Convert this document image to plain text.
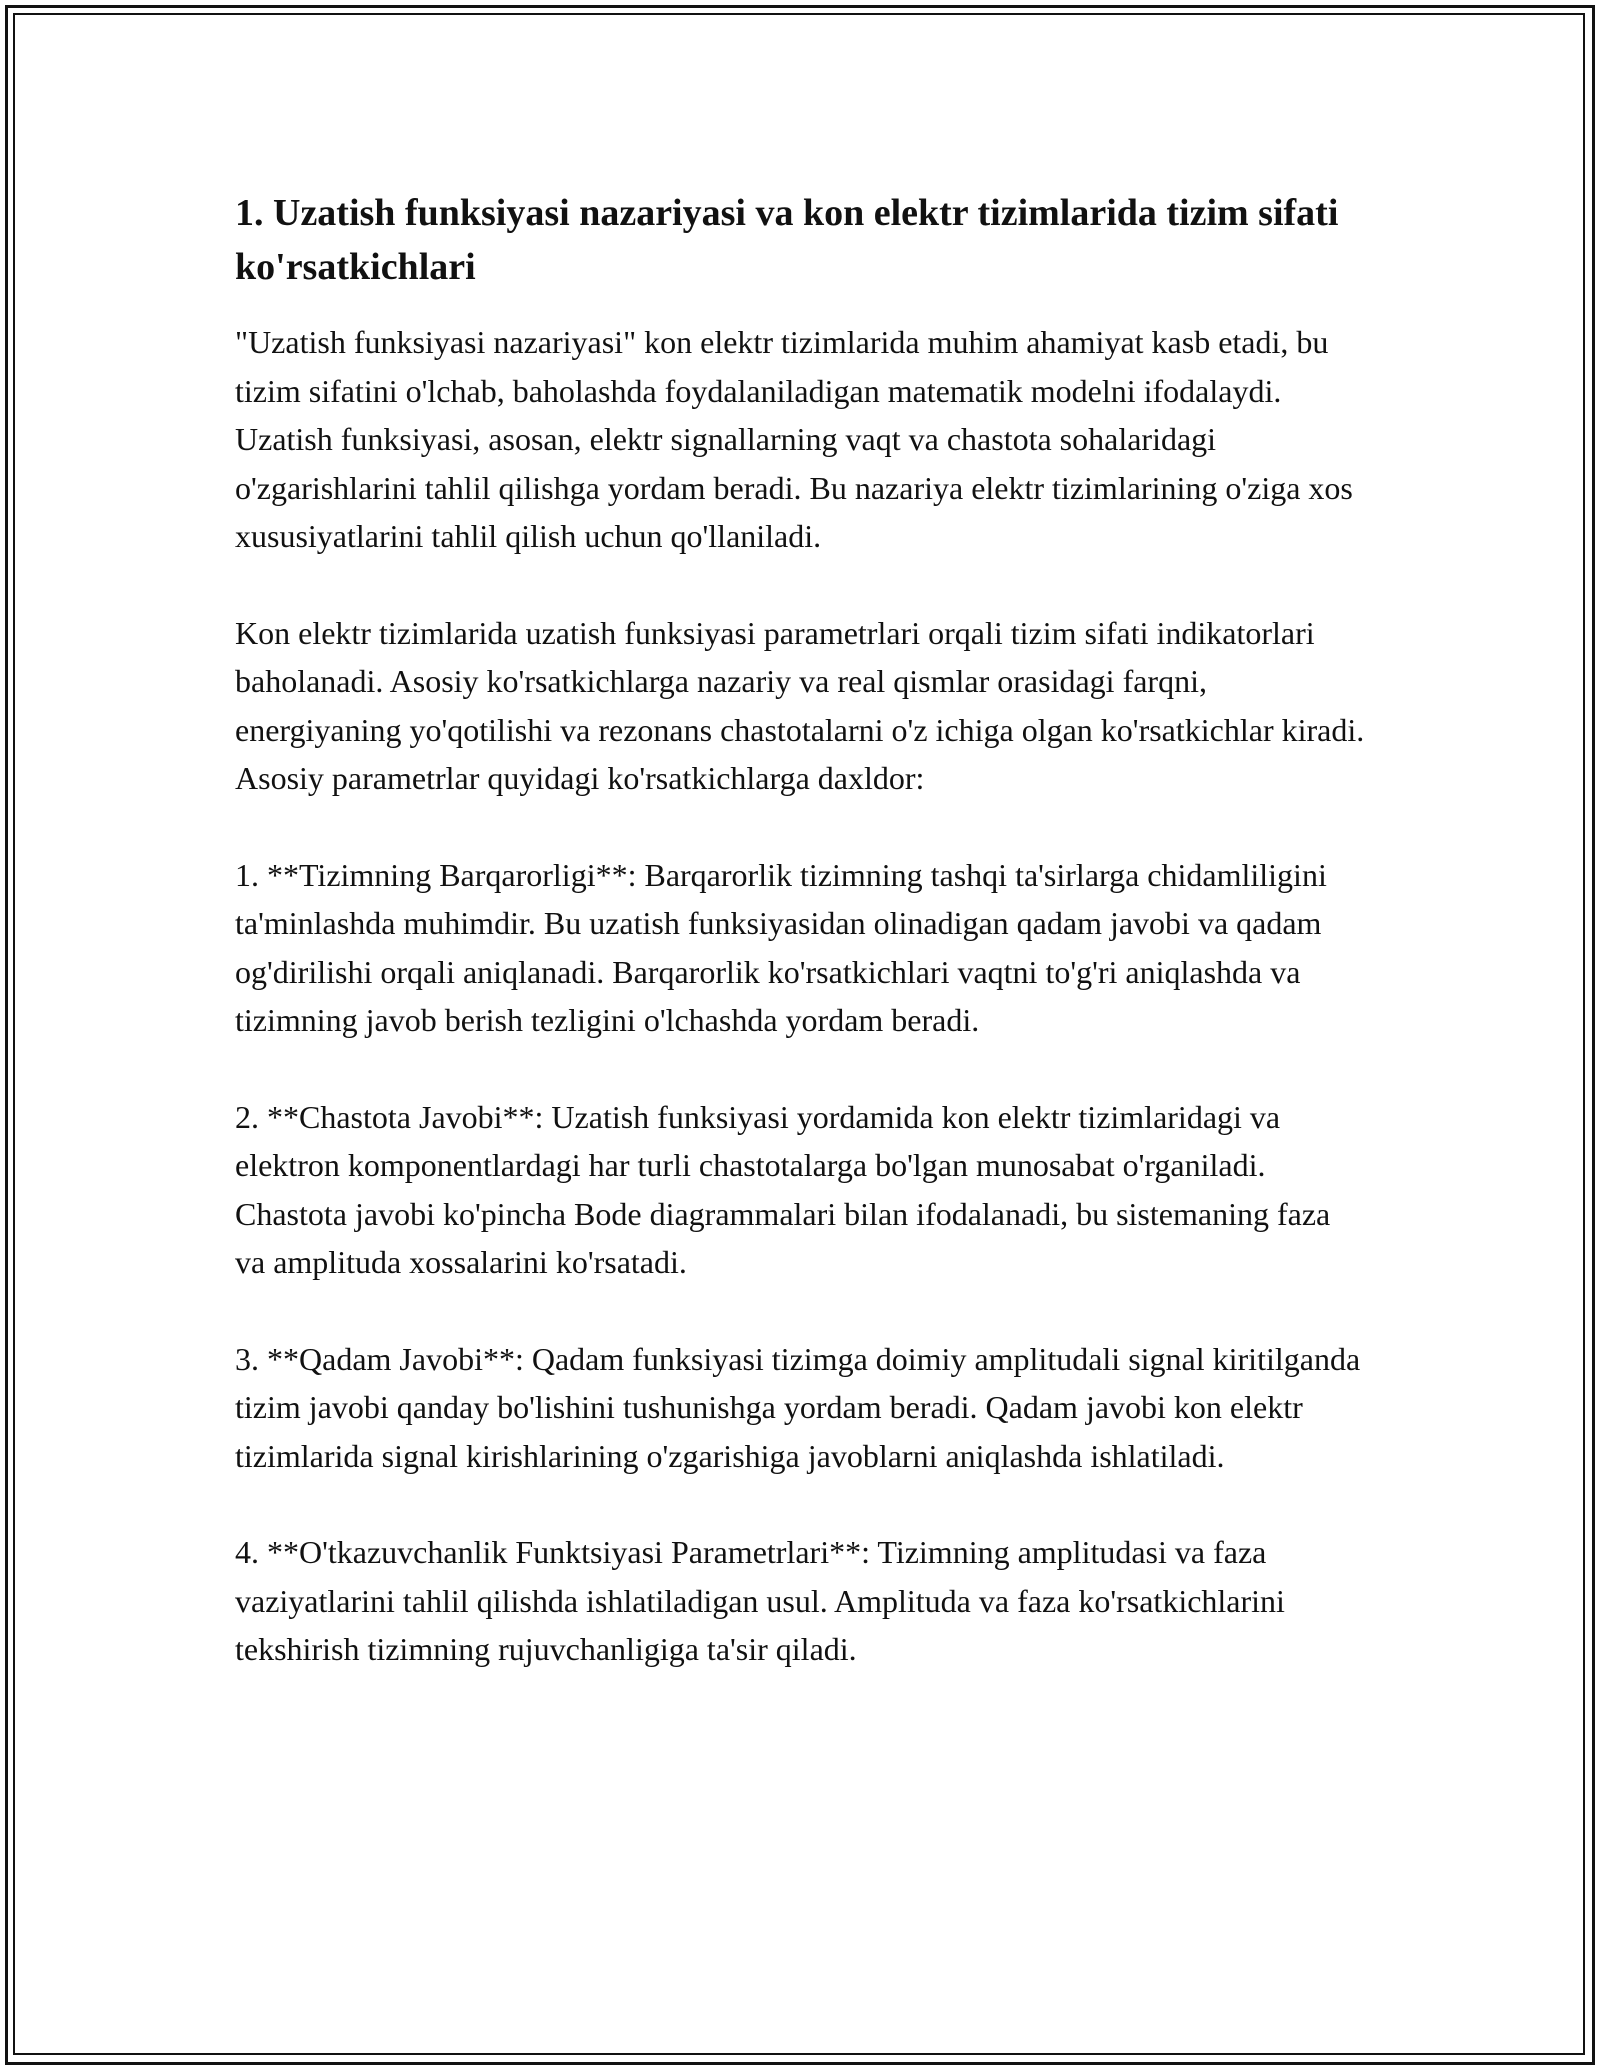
1. Uzatish funksiyasi nazariyasi va kon elektr tizimlarida tizim sifati ko'rsatkichlari

"Uzatish funksiyasi nazariyasi" kon elektr tizimlarida muhim ahamiyat kasb etadi, bu tizim sifatini o'lchab, baholashda foydalaniladigan matematik modelni ifodalaydi. Uzatish funksiyasi, asosan, elektr signallarning vaqt va chastota sohalaridagi o'zgarishlarini tahlil qilishga yordam beradi. Bu nazariya elektr tizimlarining o'ziga xos xususiyatlarini tahlil qilish uchun qo'llaniladi.

Kon elektr tizimlarida uzatish funksiyasi parametrlari orqali tizim sifati indikatorlari baholanadi. Asosiy ko'rsatkichlarga nazariy va real qismlar orasidagi farqni, energiyaning yo'qotilishi va rezonans chastotalarni o'z ichiga olgan ko'rsatkichlar kiradi. Asosiy parametrlar quyidagi ko'rsatkichlarga daxldor:

1. **Tizimning Barqarorligi**: Barqarorlik tizimning tashqi ta'sirlarga chidamliligini ta'minlashda muhimdir. Bu uzatish funksiyasidan olinadigan qadam javobi va qadam og'dirilishi orqali aniqlanadi. Barqarorlik ko'rsatkichlari vaqtni to'g'ri aniqlashda va tizimning javob berish tezligini o'lchashda yordam beradi.

2. **Chastota Javobi**: Uzatish funksiyasi yordamida kon elektr tizimlaridagi va elektron komponentlardagi har turli chastotalarga bo'lgan munosabat o'rganiladi. Chastota javobi ko'pincha Bode diagrammalari bilan ifodalanadi, bu sistemaning faza va amplituda xossalarini ko'rsatadi.

3. **Qadam Javobi**: Qadam funksiyasi tizimga doimiy amplitudali signal kiritilganda tizim javobi qanday bo'lishini tushunishga yordam beradi. Qadam javobi kon elektr tizimlarida signal kirishlarining o'zgarishiga javoblarni aniqlashda ishlatiladi.

4. **O'tkazuvchanlik Funktsiyasi Parametrlari**: Tizimning amplitudasi va faza vaziyatlarini tahlil qilishda ishlatiladigan usul. Amplituda va faza ko'rsatkichlarini tekshirish tizimning rujuvchanligiga ta'sir qiladi.
